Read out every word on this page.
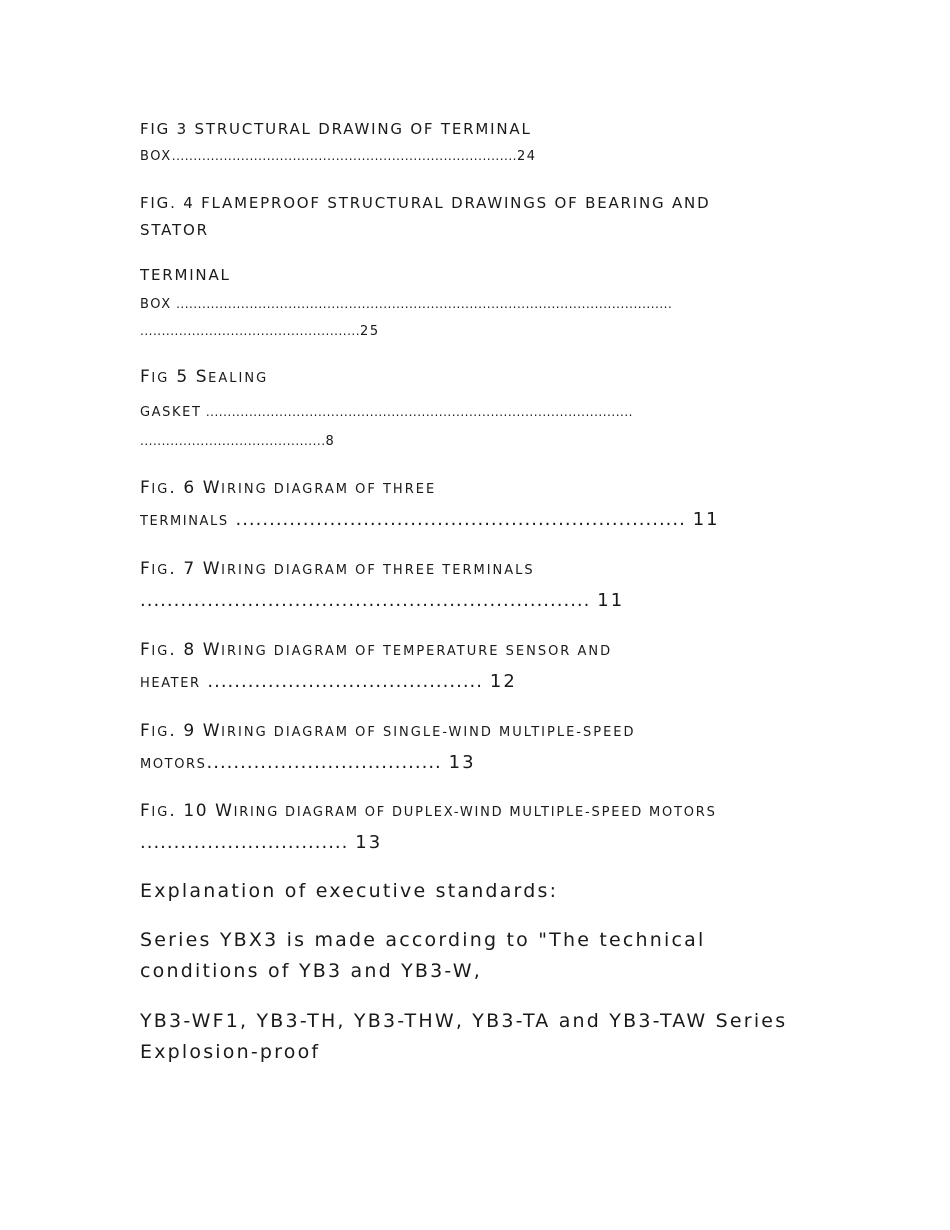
FIG 3 STRUCTURAL DRAWING OF TERMINAL
BOX................................................................................24
FIG. 4 FLAMEPROOF STRUCTURAL DRAWINGS OF BEARING AND
STATOR
TERMINAL
BOX ...................................................................................................................
...................................................25
FIG 5 SEALING
GASKET ...................................................................................................
...........................................8
FIG. 6 WIRING DIAGRAM OF THREE
TERMINALS ................................................................... 11
FIG. 7 WIRING DIAGRAM OF THREE TERMINALS
................................................................... 11
FIG. 8 WIRING DIAGRAM OF TEMPERATURE SENSOR AND
HEATER ......................................... 12
FIG. 9 WIRING DIAGRAM OF SINGLE-WIND MULTIPLE-SPEED
MOTORS................................... 13
FIG. 10 WIRING DIAGRAM OF DUPLEX-WIND MULTIPLE-SPEED MOTORS
............................... 13
Explanation of executive standards:
Series YBX3 is made according to "The technical conditions of YB3 and YB3-W,
YB3-WF1, YB3-TH, YB3-THW, YB3-TA and YB3-TAW Series Explosion-proof
